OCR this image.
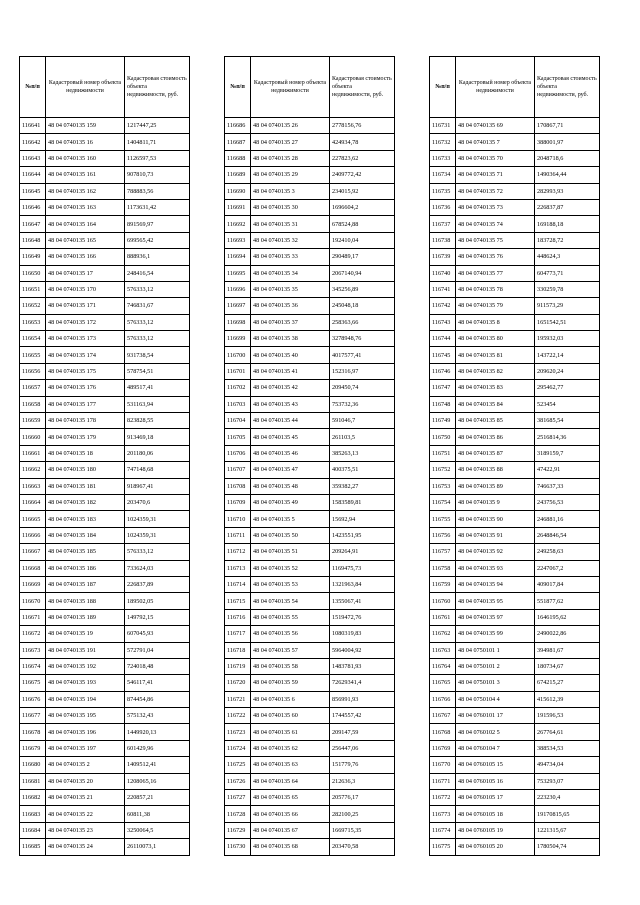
№п/п	Кадастровый номер объекта недвижимости	Кадастровая стоимость объекта недвижимости, руб.
116641	48 04 0740135 159	1217447,25
116642	48 04 0740135 16	1404811,71
116643	48 04 0740135 160	1126597,53
116644	48 04 0740135 161	907810,73
116645	48 04 0740135 162	788883,56
116646	48 04 0740135 163	1173631,42
116647	48 04 0740135 164	891569,97
116648	48 04 0740135 165	699565,42
116649	48 04 0740135 166	888936,1
116650	48 04 0740135 17	248416,54
116651	48 04 0740135 170	576333,12
116652	48 04 0740135 171	746831,67
116653	48 04 0740135 172	576333,12
116654	48 04 0740135 173	576333,12
116655	48 04 0740135 174	931738,54
116656	48 04 0740135 175	578754,51
116657	48 04 0740135 176	489517,41
116658	48 04 0740135 177	531163,94
116659	48 04 0740135 178	823828,55
116660	48 04 0740135 179	913469,18
116661	48 04 0740135 18	201180,06
116662	48 04 0740135 180	747148,68
116663	48 04 0740135 181	918967,41
116664	48 04 0740135 182	203470,6
116665	48 04 0740135 183	1024359,31
116666	48 04 0740135 184	1024359,31
116667	48 04 0740135 185	576333,12
116668	48 04 0740135 186	733624,03
116669	48 04 0740135 187	226837,89
116670	48 04 0740135 188	189502,05
116671	48 04 0740135 189	149792,15
116672	48 04 0740135 19	607045,93
116673	48 04 0740135 191	572791,04
116674	48 04 0740135 192	724018,48
116675	48 04 0740135 193	546117,41
116676	48 04 0740135 194	874454,86
116677	48 04 0740135 195	575132,43
116678	48 04 0740135 196	1449920,13
116679	48 04 0740135 197	601429,96
116680	48 04 0740135 2	1409512,41
116681	48 04 0740135 20	1208065,16
116682	48 04 0740135 21	220857,21
116683	48 04 0740135 22	60811,38
116684	48 04 0740135 23	3250064,5
116685	48 04 0740135 24	26110073,1
№п/п	Кадастровый номер объекта недвижимости	Кадастровая стоимость объекта недвижимости, руб.
116686	48 04 0740135 26	2778156,76
116687	48 04 0740135 27	424934,78
116688	48 04 0740135 28	227823,62
116689	48 04 0740135 29	2409772,42
116690	48 04 0740135 3	234015,92
116691	48 04 0740135 30	1696604,2
116692	48 04 0740135 31	678524,88
116693	48 04 0740135 32	192410,04
116694	48 04 0740135 33	290489,17
116695	48 04 0740135 34	2067140,94
116696	48 04 0740135 35	345256,89
116697	48 04 0740135 36	245048,18
116698	48 04 0740135 37	258363,66
116699	48 04 0740135 38	3278948,76
116700	48 04 0740135 40	4017577,41
116701	48 04 0740135 41	152316,97
116702	48 04 0740135 42	209450,74
116703	48 04 0740135 43	753732,36
116704	48 04 0740135 44	591046,7
116705	48 04 0740135 45	261103,5
116706	48 04 0740135 46	385263,13
116707	48 04 0740135 47	400375,51
116708	48 04 0740135 48	359382,27
116709	48 04 0740135 49	1583589,81
116710	48 04 0740135 5	15692,94
116711	48 04 0740135 50	1423551,95
116712	48 04 0740135 51	209264,91
116713	48 04 0740135 52	1169475,73
116714	48 04 0740135 53	1321963,84
116715	48 04 0740135 54	1355067,41
116716	48 04 0740135 55	1519472,76
116717	48 04 0740135 56	1080319,83
116718	48 04 0740135 57	5964004,92
116719	48 04 0740135 58	1483781,93
116720	48 04 0740135 59	72629341,4
116721	48 04 0740135 6	856991,93
116722	48 04 0740135 60	1744557,42
116723	48 04 0740135 61	209147,59
116724	48 04 0740135 62	256447,06
116725	48 04 0740135 63	151779,76
116726	48 04 0740135 64	212636,3
116727	48 04 0740135 65	205776,17
116728	48 04 0740135 66	282100,25
116729	48 04 0740135 67	1669715,35
116730	48 04 0740135 68	203470,58
№п/п	Кадастровый номер объекта недвижимости	Кадастровая стоимость объекта недвижимости, руб.
116731	48 04 0740135 69	170867,71
116732	48 04 0740135 7	388001,97
116733	48 04 0740135 70	2048718,6
116734	48 04 0740135 71	1490364,44
116735	48 04 0740135 72	282993,93
116736	48 04 0740135 73	226837,87
116737	48 04 0740135 74	169188,18
116738	48 04 0740135 75	183728,72
116739	48 04 0740135 76	448624,3
116740	48 04 0740135 77	604773,71
116741	48 04 0740135 78	330259,78
116742	48 04 0740135 79	911573,29
116743	48 04 0740135 8	1651542,51
116744	48 04 0740135 80	195932,03
116745	48 04 0740135 81	143722,14
116746	48 04 0740135 82	209620,24
116747	48 04 0740135 83	295462,77
116748	48 04 0740135 84	523454
116749	48 04 0740135 85	381685,54
116750	48 04 0740135 86	2516814,36
116751	48 04 0740135 87	3189159,7
116752	48 04 0740135 88	47422,91
116753	48 04 0740135 89	746637,33
116754	48 04 0740135 9	243756,53
116755	48 04 0740135 90	246881,16
116756	48 04 0740135 91	2648846,54
116757	48 04 0740135 92	249258,63
116758	48 04 0740135 93	2247067,2
116759	48 04 0740135 94	409017,84
116760	48 04 0740135 95	551877,62
116761	48 04 0740135 97	1646195,62
116762	48 04 0740135 99	2490022,86
116763	48 04 0750101 1	394981,67
116764	48 04 0750101 2	180734,67
116765	48 04 0750101 3	674215,27
116766	48 04 0750104 4	415612,39
116767	48 04 0760101 17	191596,53
116768	48 04 0760102 5	267764,61
116769	48 04 0760104 7	388534,53
116770	48 04 0760105 15	494734,04
116771	48 04 0760105 16	753293,07
116772	48 04 0760105 17	223230,4
116773	48 04 0760105 18	19170815,65
116774	48 04 0760105 19	1221315,67
116775	48 04 0760105 20	1780504,74
